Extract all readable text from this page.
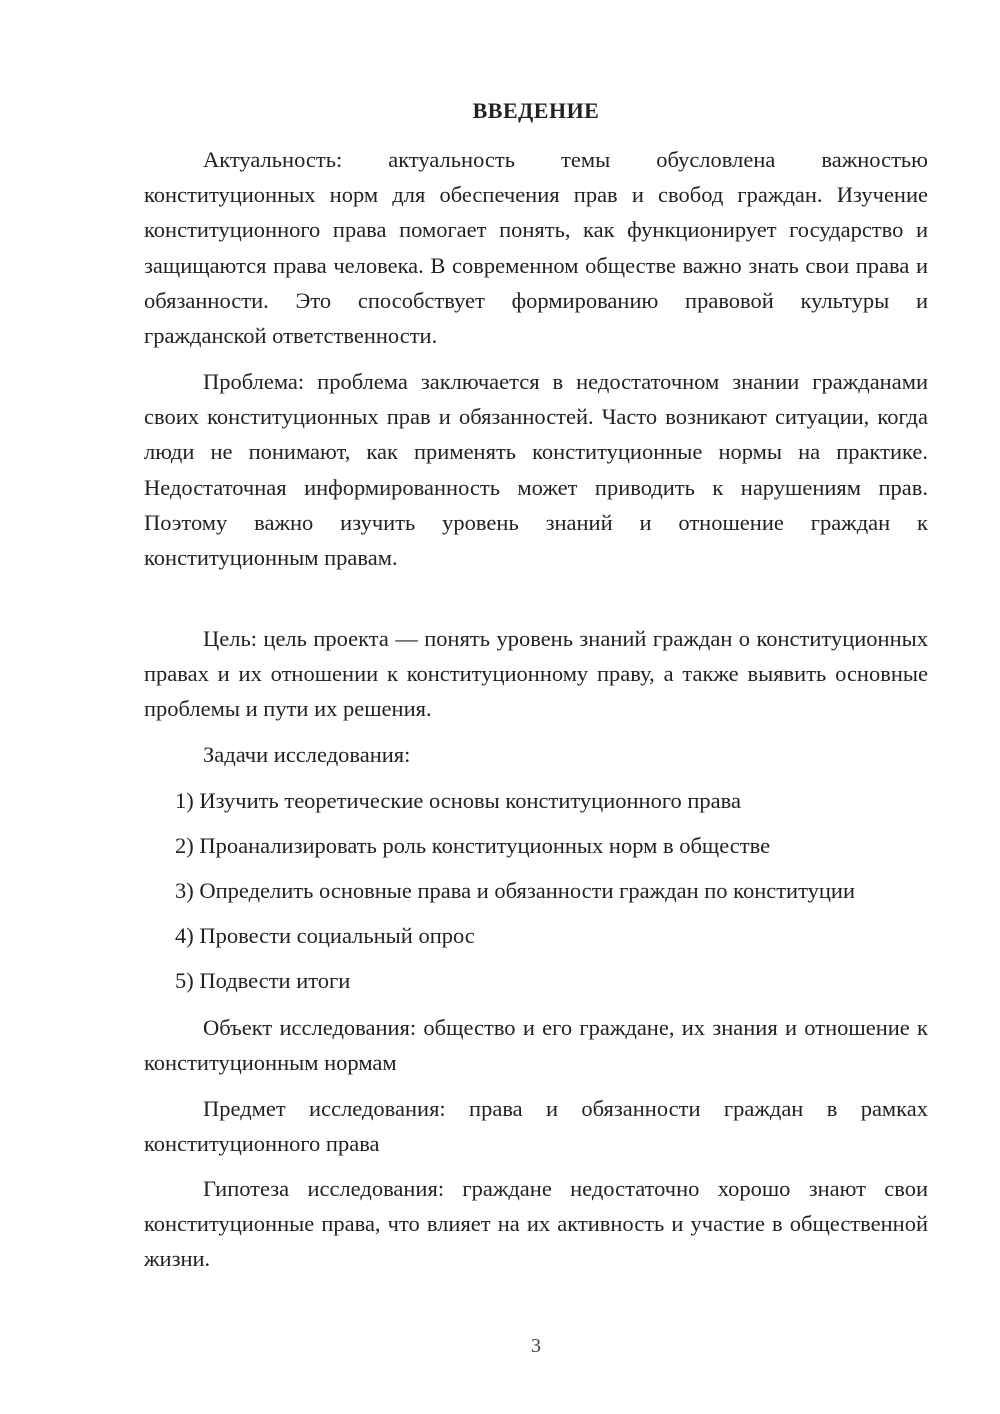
ВВЕДЕНИЕ

Актуальность: актуальность темы обусловлена важностью конституционных норм для обеспечения прав и свобод граждан. Изучение конституционного права помогает понять, как функционирует государство и защищаются права человека. В современном обществе важно знать свои права и обязанности. Это способствует формированию правовой культуры и гражданской ответственности.

Проблема: проблема заключается в недостаточном знании гражданами своих конституционных прав и обязанностей. Часто возникают ситуации, когда люди не понимают, как применять конституционные нормы на практике. Недостаточная информированность может приводить к нарушениям прав. Поэтому важно изучить уровень знаний и отношение граждан к конституционным правам.

Цель: цель проекта — понять уровень знаний граждан о конституционных правах и их отношении к конституционному праву, а также выявить основные проблемы и пути их решения.

Задачи исследования:

1) Изучить теоретические основы конституционного права

2) Проанализировать роль конституционных норм в обществе

3) Определить основные права и обязанности граждан по конституции

4) Провести социальный опрос

5) Подвести итоги

Объект исследования: общество и его граждане, их знания и отношение к конституционным нормам

Предмет исследования: права и обязанности граждан в рамках конституционного права

Гипотеза исследования: граждане недостаточно хорошо знают свои конституционные права, что влияет на их активность и участие в общественной жизни.

3
